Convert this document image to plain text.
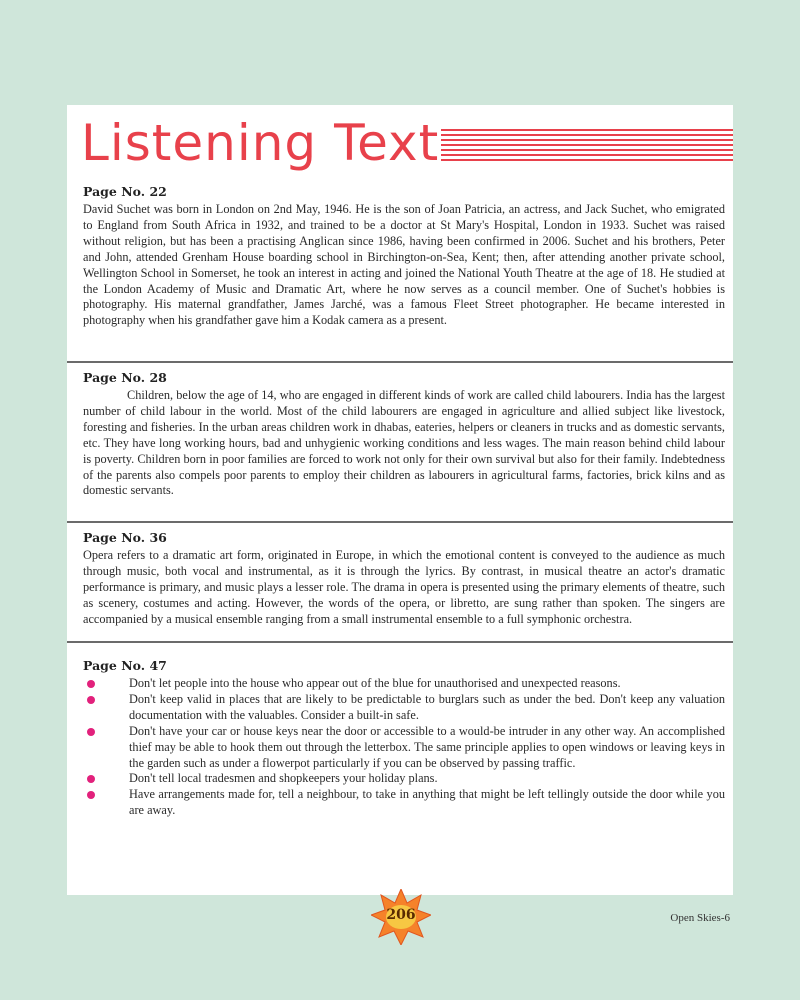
Listening Text
Page No. 22

David Suchet was born in London on 2nd May, 1946. He is the son of Joan Patricia, an actress, and Jack Suchet, who emigrated to England from South Africa in 1932, and trained to be a doctor at St Mary's Hospital, London in 1933. Suchet was raised without religion, but has been a practising Anglican since 1986, having been confirmed in 2006. Suchet and his brothers, Peter and John, attended Grenham House boarding school in Birchington-on-Sea, Kent; then, after attending another private school, Wellington School in Somerset, he took an interest in acting and joined the National Youth Theatre at the age of 18. He studied at the London Academy of Music and Dramatic Art, where he now serves as a council member. One of Suchet's hobbies is photography. His maternal grandfather, James Jarché, was a famous Fleet Street photographer. He became interested in photography when his grandfather gave him a Kodak camera as a present.

Page No. 28

Children, below the age of 14, who are engaged in different kinds of work are called child labourers. India has the largest number of child labour in the world. Most of the child labourers are engaged in agriculture and allied subject like livestock, foresting and fisheries. In the urban areas children work in dhabas, eateries, helpers or cleaners in trucks and as domestic servants, etc. They have long working hours, bad and unhygienic working conditions and less wages. The main reason behind child labour is poverty. Children born in poor families are forced to work not only for their own survival but also for their family. Indebtedness of the parents also compels poor parents to employ their children as labourers in agricultural farms, factories, brick kilns and as domestic servants.

Page No. 36

Opera refers to a dramatic art form, originated in Europe, in which the emotional content is conveyed to the audience as much through music, both vocal and instrumental, as it is through the lyrics. By contrast, in musical theatre an actor's dramatic performance is primary, and music plays a lesser role. The drama in opera is presented using the primary elements of theatre, such as scenery, costumes and acting. However, the words of the opera, or libretto, are sung rather than spoken. The singers are accompanied by a musical ensemble ranging from a small instrumental ensemble to a full symphonic orchestra.

Page No. 47

Don't let people into the house who appear out of the blue for unauthorised and unexpected reasons.

Don't keep valid in places that are likely to be predictable to burglars such as under the bed. Don't keep any valuation documentation with the valuables. Consider a built-in safe.

Don't have your car or house keys near the door or accessible to a would-be intruder in any other way. An accomplished thief may be able to hook them out through the letterbox. The same principle applies to open windows or leaving keys in the garden such as under a flowerpot particularly if you can be observed by passing traffic.

Don't tell local tradesmen and shopkeepers your holiday plans.

Have arrangements made for, tell a neighbour, to take in anything that might be left tellingly outside the door while you are away.

206	Open Skies-6
